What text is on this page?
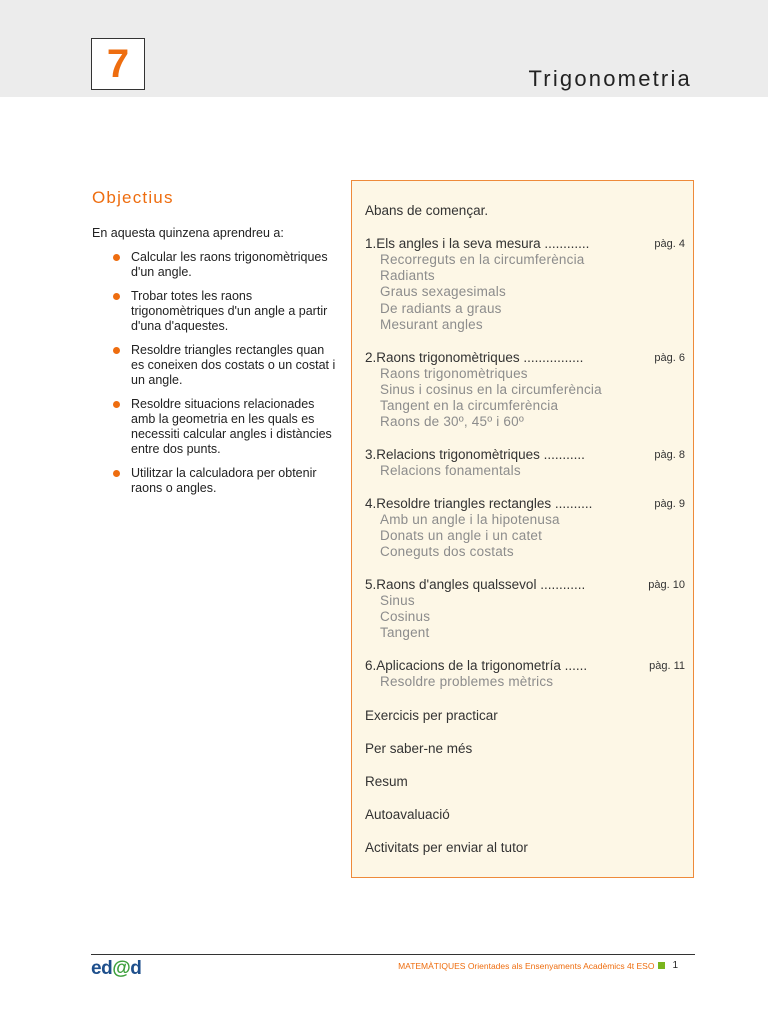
7	Trigonometria
Objectius
En aquesta quinzena aprendreu a:
Calcular les raons trigonomètriques d'un angle.
Trobar totes les raons trigonomètriques d'un angle a partir d'una d'aquestes.
Resoldre triangles rectangles quan es coneixen dos costats o un costat i un angle.
Resoldre situacions relacionades amb la geometria en les quals es necessiti calcular angles i distàncies entre dos punts.
Utilitzar la calculadora per obtenir raons o angles.
Abans de començar.
1.Els angles i la seva mesura ............	pàg. 4
Recorreguts en la circumferència
Radiants
Graus sexagesimals
De radiants a graus
Mesurant angles
2.Raons trigonomètriques ................	pàg. 6
Raons trigonomètriques
Sinus i cosinus en la circumferència
Tangent en la circumferència
Raons de 30º, 45º i 60º
3.Relacions trigonomètriques ...........	pàg. 8
Relacions fonamentals
4.Resoldre triangles rectangles ..........	pàg. 9
Amb un angle i la hipotenusa
Donats un angle i un catet
Coneguts dos costats
5.Raons d'angles qualssevol ............	pàg. 10
Sinus
Cosinus
Tangent
6.Aplicacions de la trigonometría ......	pàg. 11
Resoldre problemes mètrics
Exercicis per practicar
Per saber-ne més
Resum
Autoavaluació
Activitats per enviar al tutor
ed@d	MATEMÀTIQUES Orientades als Ensenyaments Acadèmics 4t ESO 1
